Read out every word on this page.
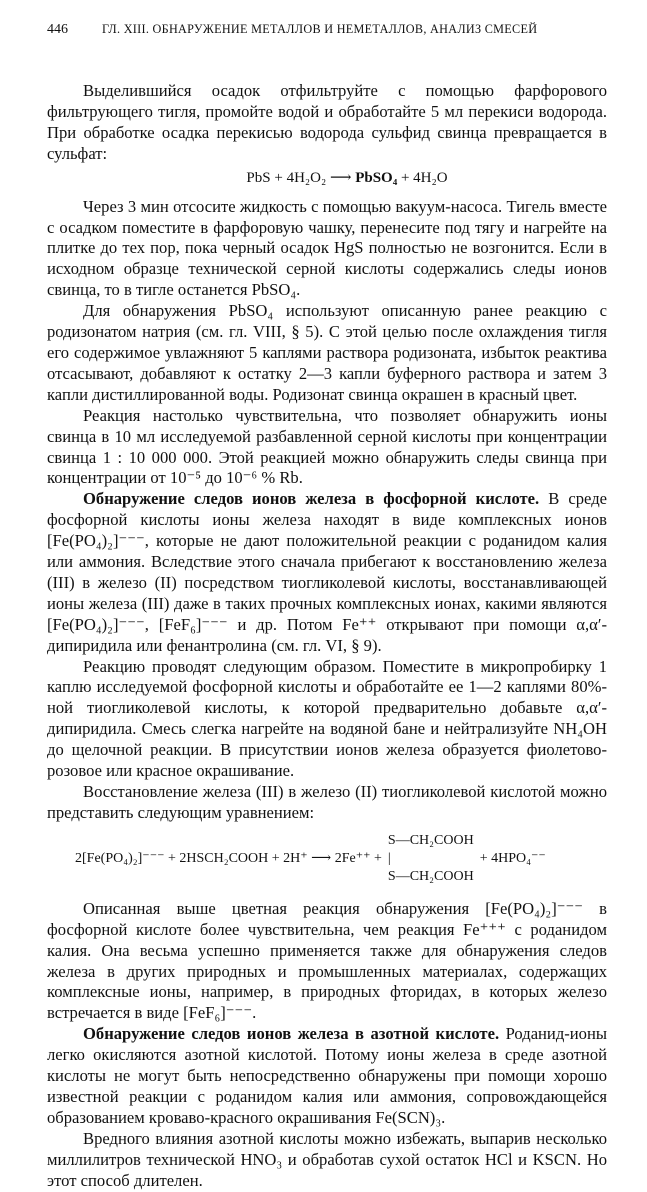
446	ГЛ. XIII. ОБНАРУЖЕНИЕ МЕТАЛЛОВ И НЕМЕТАЛЛОВ, АНАЛИЗ СМЕСЕЙ

Выделившийся осадок отфильтруйте с помощью фарфорового фильтрующего тигля, промойте водой и обработайте 5 мл перекиси водорода. При обработке осадка перекисью водорода сульфид свинца превращается в сульфат:

PbS + 4H₂O₂ ⟶ PbSO₄ + 4H₂O

Через 3 мин отсосите жидкость с помощью вакуум-насоса. Тигель вместе с осадком поместите в фарфоровую чашку, перенесите под тягу и нагрейте на плитке до тех пор, пока черный осадок HgS полностью не возгонится. Если в исходном образце технической серной кислоты содержались следы ионов свинца, то в тигле останется PbSO₄.

Для обнаружения PbSO₄ используют описанную ранее реакцию с родизонатом натрия (см. гл. VIII, § 5). С этой целью после охлаждения тигля его содержимое увлажняют 5 каплями раствора родизоната, избыток реактива отсасывают, добавляют к остатку 2—3 капли буферного раствора и затем 3 капли дистиллированной воды. Родизонат свинца окрашен в красный цвет.

Реакция настолько чувствительна, что позволяет обнаружить ионы свинца в 10 мл исследуемой разбавленной серной кислоты при концентрации свинца 1 : 10 000 000. Этой реакцией можно обнаружить следы свинца при концентрации от 10⁻⁵ до 10⁻⁶ % Rb.

Обнаружение следов ионов железа в фосфорной кислоте. В среде фосфорной кислоты ионы железа находят в виде комплексных ионов [Fe(PO₄)₂]⁻⁻⁻, которые не дают положительной реакции с роданидом калия или аммония. Вследствие этого сначала прибегают к восстановлению железа (III) в железо (II) посредством тиогликолевой кислоты, восстанавливающей ионы железа (III) даже в таких прочных комплексных ионах, какими являются [Fe(PO₄)₂]⁻⁻⁻, [FeF₆]⁻⁻⁻ и др. Потом Fe⁺⁺ открывают при помощи α,α′-дипиридила или фенантролина (см. гл. VI, § 9).

Реакцию проводят следующим образом. Поместите в микропробирку 1 каплю исследуемой фосфорной кислоты и обработайте ее 1—2 каплями 80%-ной тиогликолевой кислоты, к которой предварительно добавьте α,α′-дипиридила. Смесь слегка нагрейте на водяной бане и нейтрализуйте NH₄OH до щелочной реакции. В присутствии ионов железа образуется фиолетово-розовое или красное окрашивание.

Восстановление железа (III) в железо (II) тиогликолевой кислотой можно представить следующим уравнением:

2[Fe(PO₄)₂]⁻⁻⁻ + 2HSCH₂COOH + 2H⁺ ⟶ 2Fe⁺⁺ +
S—CH₂COOH
|
S—CH₂COOH
+ 4HPO₄⁻⁻

Описанная выше цветная реакция обнаружения [Fe(PO₄)₂]⁻⁻⁻ в фосфорной кислоте более чувствительна, чем реакция Fe⁺⁺⁺ с роданидом калия. Она весьма успешно применяется также для обнаружения следов железа в других природных и промышленных материалах, содержащих комплексные ионы, например, в природных фторидах, в которых железо встречается в виде [FeF₆]⁻⁻⁻.

Обнаружение следов ионов железа в азотной кислоте. Роданид-ионы легко окисляются азотной кислотой. Потому ионы железа в среде азотной кислоты не могут быть непосредственно обнаружены при помощи хорошо известной реакции с роданидом калия или аммония, сопровождающейся образованием кроваво-красного окрашивания Fe(SCN)₃.

Вредного влияния азотной кислоты можно избежать, выпарив несколько миллилитров технической HNO₃ и обработав сухой остаток HCl и KSCN. Но этот способ длителен.
